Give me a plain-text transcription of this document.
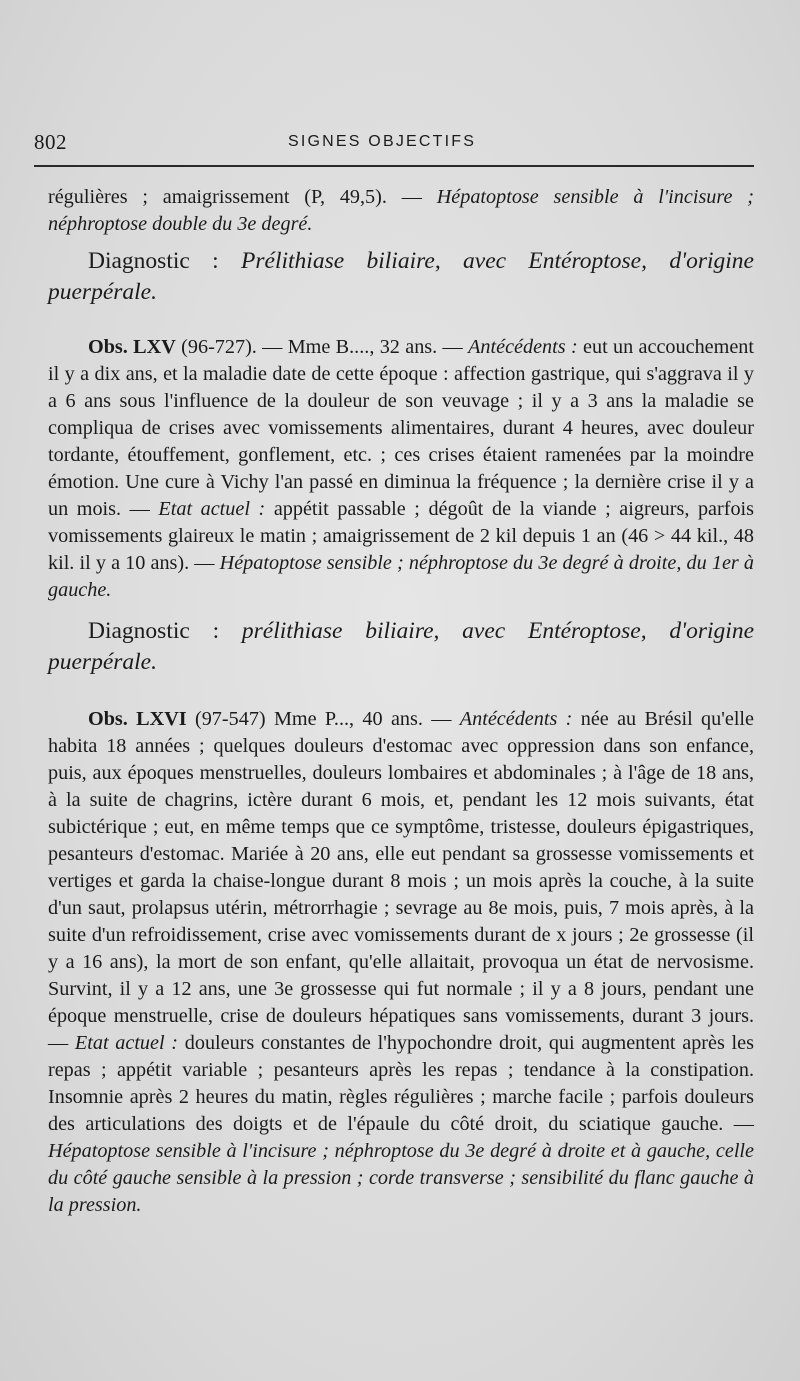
802	SIGNES OBJECTIFS

régulières ; amaigrissement (P, 49,5). — Hépatoptose sensible à l'incisure ; néphroptose double du 3e degré.

Diagnostic : Prélithiase biliaire, avec Entéroptose, d'origine puerpérale.

Obs. LXV (96-727). — Mme B...., 32 ans. — Antécédents : eut un accouchement il y a dix ans, et la maladie date de cette époque : affection gastrique, qui s'aggrava il y a 6 ans sous l'influence de la douleur de son veuvage ; il y a 3 ans la maladie se compliqua de crises avec vomissements alimentaires, durant 4 heures, avec douleur tordante, étouffement, gonflement, etc. ; ces crises étaient ramenées par la moindre émotion. Une cure à Vichy l'an passé en diminua la fréquence ; la dernière crise il y a un mois. — Etat actuel : appétit passable ; dégoût de la viande ; aigreurs, parfois vomissements glaireux le matin ; amaigrissement de 2 kil depuis 1 an (46 > 44 kil., 48 kil. il y a 10 ans). — Hépatoptose sensible ; néphroptose du 3e degré à droite, du 1er à gauche.

Diagnostic : prélithiase biliaire, avec Entéroptose, d'origine puerpérale.

Obs. LXVI (97-547) Mme P..., 40 ans. — Antécédents : née au Brésil qu'elle habita 18 années ; quelques douleurs d'estomac avec oppression dans son enfance, puis, aux époques menstruelles, douleurs lombaires et abdominales ; à l'âge de 18 ans, à la suite de chagrins, ictère durant 6 mois, et, pendant les 12 mois suivants, état subictérique ; eut, en même temps que ce symptôme, tristesse, douleurs épigastriques, pesanteurs d'estomac. Mariée à 20 ans, elle eut pendant sa grossesse vomissements et vertiges et garda la chaise-longue durant 8 mois ; un mois après la couche, à la suite d'un saut, prolapsus utérin, métrorrhagie ; sevrage au 8e mois, puis, 7 mois après, à la suite d'un refroidissement, crise avec vomissements durant de x jours ; 2e grossesse (il y a 16 ans), la mort de son enfant, qu'elle allaitait, provoqua un état de nervosisme. Survint, il y a 12 ans, une 3e grossesse qui fut normale ; il y a 8 jours, pendant une époque menstruelle, crise de douleurs hépatiques sans vomissements, durant 3 jours. — Etat actuel : douleurs constantes de l'hypochondre droit, qui augmentent après les repas ; appétit variable ; pesanteurs après les repas ; tendance à la constipation. Insomnie après 2 heures du matin, règles régulières ; marche facile ; parfois douleurs des articulations des doigts et de l'épaule du côté droit, du sciatique gauche. — Hépatoptose sensible à l'incisure ; néphroptose du 3e degré à droite et à gauche, celle du côté gauche sensible à la pression ; corde transverse ; sensibilité du flanc gauche à la pression.
